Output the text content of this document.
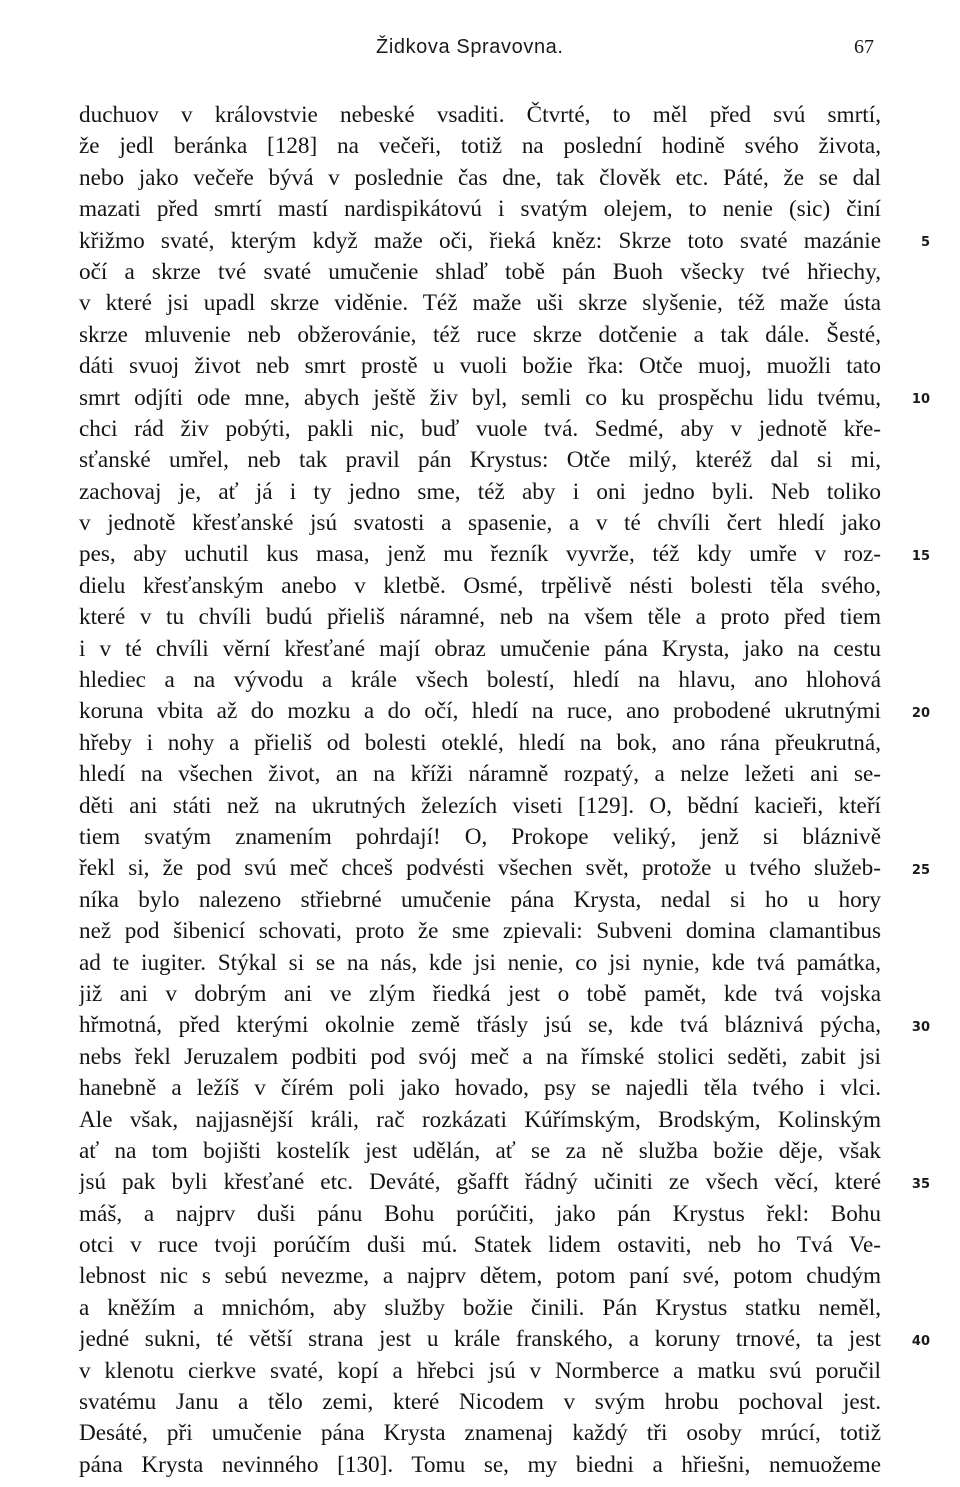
Židkova Spravovna.	67
duchuov v královstvie nebeské vsaditi. Čtvrté, to měl před svú smrtí,
že jedl beránka [128] na večeři, totiž na poslední hodině svého života,
nebo jako večeře bývá v poslednie čas dne, tak člověk etc. Páté, že se dal
mazati před smrtí mastí nardispikátovú i svatým olejem, to nenie (sic) činí
křižmo svaté, kterým když maže oči, řieká kněz: Skrze toto svaté mazánie
očí a skrze tvé svaté umučenie shlaď tobě pán Buoh všecky tvé hřiechy,
v které jsi upadl skrze viděnie. Též maže uši skrze slyšenie, též maže ústa
skrze mluvenie neb obžerovánie, též ruce skrze dotčenie a tak dále. Šesté,
dáti svuoj život neb smrt prostě u vuoli božie řka: Otče muoj, muožli tato
smrt odjíti ode mne, abych ještě živ byl, semli co ku prospěchu lidu tvému,
chci rád živ pobýti, pakli nic, buď vuole tvá. Sedmé, aby v jednotě kře-
sťanské umřel, neb tak pravil pán Krystus: Otče milý, kteréž dal si mi,
zachovaj je, ať já i ty jedno sme, též aby i oni jedno byli. Neb toliko
v jednotě křesťanské jsú svatosti a spasenie, a v té chvíli čert hledí jako
pes, aby uchutil kus masa, jenž mu řezník vyvrže, též kdy umře v roz-
dielu křesťanským anebo v kletbě. Osmé, trpělivě nésti bolesti těla svého,
které v tu chvíli budú přieliš náramné, neb na všem těle a proto před tiem
i v té chvíli věrní křesťané mají obraz umučenie pána Krysta, jako na cestu
hlediec a na vývodu a krále všech bolestí, hledí na hlavu, ano hlohová
koruna vbita až do mozku a do očí, hledí na ruce, ano probodené ukrutnými
hřeby i nohy a přieliš od bolesti oteklé, hledí na bok, ano rána přeukrutná,
hledí na všechen život, an na kříži náramně rozpatý, a nelze ležeti ani se-
děti ani státi než na ukrutných železích viseti [129]. O, bědní kacieři, kteří
tiem svatým znamením pohrdají! O, Prokope veliký, jenž si bláznivě
řekl si, že pod svú meč chceš podvésti všechen svět, protože u tvého služeb-
níka bylo nalezeno střiebrné umučenie pána Krysta, nedal si ho u hory
než pod šibenicí schovati, proto že sme zpievali: Subveni domina clamantibus
ad te iugiter. Stýkal si se na nás, kde jsi nenie, co jsi nynie, kde tvá památka,
již ani v dobrým ani ve zlým řiedká jest o tobě pamět, kde tvá vojska
hřmotná, před kterými okolnie země třásly jsú se, kde tvá bláznivá pýcha,
nebs řekl Jeruzalem podbiti pod svój meč a na římské stolici seděti, zabit jsi
hanebně a ležíš v čírém poli jako hovado, psy se najedli těla tvého i vlci.
Ale však, najjasnější králi, rač rozkázati Kúřímským, Brodským, Kolinským
ať na tom bojišti kostelík jest udělán, ať se za ně služba božie děje, však
jsú pak byli křesťané etc. Deváté, gšafft řádný učiniti ze všech věcí, které
máš, a najprv duši pánu Bohu porúčiti, jako pán Krystus řekl: Bohu
otci v ruce tvoji porúčím duši mú. Statek lidem ostaviti, neb ho Tvá Ve-
lebnost nic s sebú nevezme, a najprv dětem, potom paní své, potom chudým
a kněžím a mnichóm, aby služby božie činili. Pán Krystus statku neměl,
jedné sukni, té větší strana jest u krále franského, a koruny trnové, ta jest
v klenotu cierkve svaté, kopí a hřebci jsú v Normberce a matku svú poručil
svatému Janu a tělo zemi, které Nicodem v svým hrobu pochoval jest.
Desáté, při umučenie pána Krysta znamenaj každý tři osoby mrúcí, totiž
pána Krysta nevinného [130]. Tomu se, my biedni a hřiešni, nemuožeme
5
10
15
20
25
30
35
40
